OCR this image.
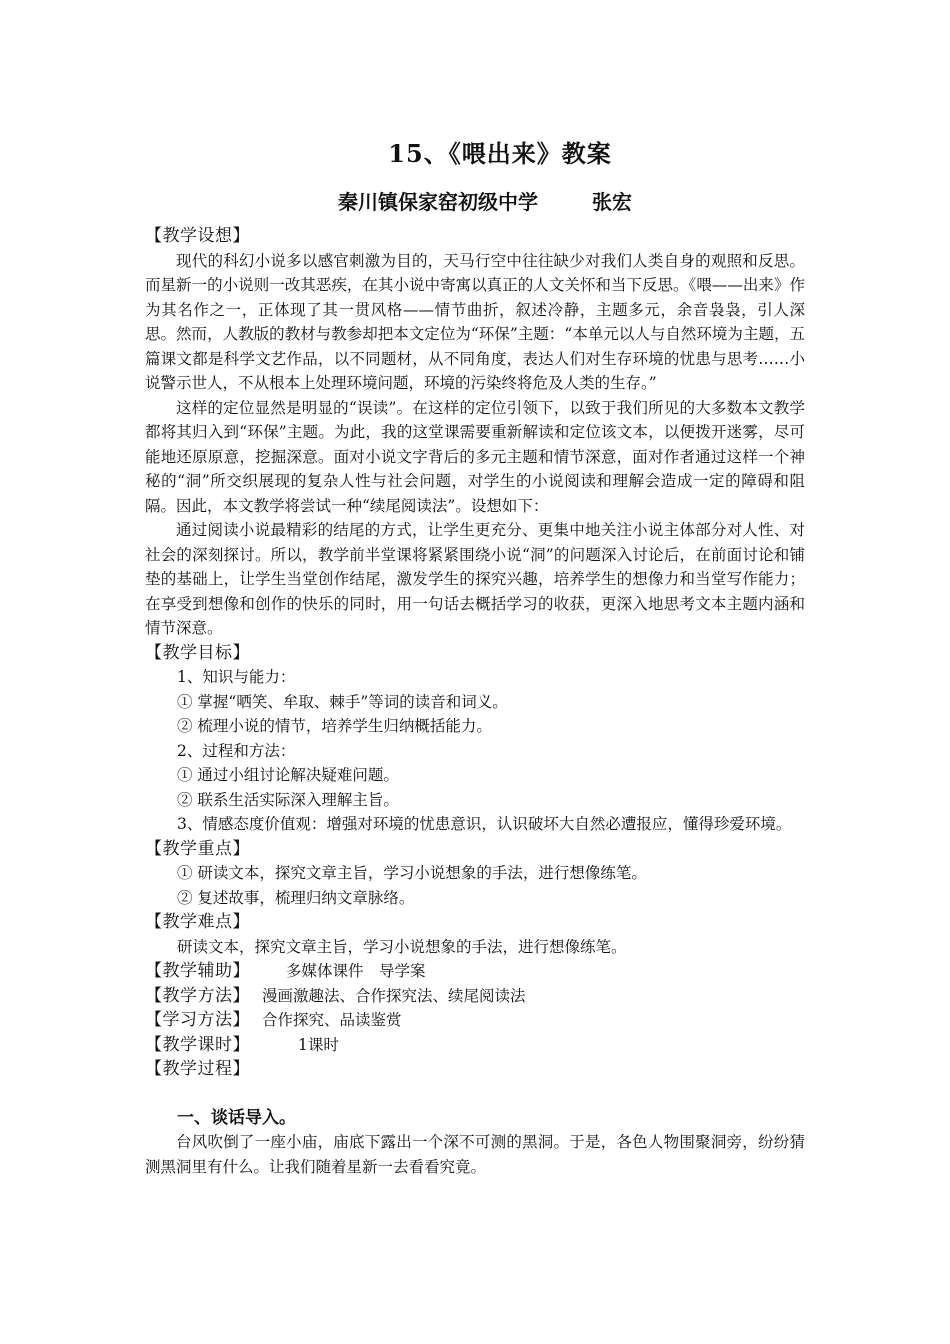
15、《喂出来》教案
秦川镇保家窑初级中学	张宏

【教学设想】

现代的科幻小说多以感官刺激为目的，天马行空中往往缺少对我们人类自身的观照和反思。而星新一的小说则一改其恶疾，在其小说中寄寓以真正的人文关怀和当下反思。《喂——出来》作为其名作之一，正体现了其一贯风格——情节曲折，叙述冷静，主题多元，余音袅袅，引人深思。然而，人教版的教材与教参却把本文定位为“环保”主题：“本单元以人与自然环境为主题，五篇课文都是科学文艺作品，以不同题材，从不同角度，表达人们对生存环境的忧患与思考……小说警示世人，不从根本上处理环境问题，环境的污染终将危及人类的生存。”

这样的定位显然是明显的“误读”。在这样的定位引领下，以致于我们所见的大多数本文教学都将其归入到“环保”主题。为此，我的这堂课需要重新解读和定位该文本，以便拨开迷雾，尽可能地还原原意，挖掘深意。面对小说文字背后的多元主题和情节深意，面对作者通过这样一个神秘的“洞”所交织展现的复杂人性与社会问题，对学生的小说阅读和理解会造成一定的障碍和阻隔。因此，本文教学将尝试一种“续尾阅读法”。设想如下：

通过阅读小说最精彩的结尾的方式，让学生更充分、更集中地关注小说主体部分对人性、对社会的深刻探讨。所以，教学前半堂课将紧紧围绕小说“洞”的问题深入讨论后，在前面讨论和铺垫的基础上，让学生当堂创作结尾，激发学生的探究兴趣，培养学生的想像力和当堂写作能力；在享受到想像和创作的快乐的同时，用一句话去概括学习的收获，更深入地思考文本主题内涵和情节深意。

【教学目标】

1、知识与能力：

① 掌握“哂笑、牟取、棘手”等词的读音和词义。

② 梳理小说的情节，培养学生归纳概括能力。

2、过程和方法：

① 通过小组讨论解决疑难问题。

② 联系生活实际深入理解主旨。

3、情感态度价值观：增强对环境的忧患意识，认识破坏大自然必遭报应，懂得珍爱环境。

【教学重点】

① 研读文本，探究文章主旨，学习小说想象的手法，进行想像练笔。

② 复述故事，梳理归纳文章脉络。

【教学难点】

研读文本，探究文章主旨，学习小说想象的手法，进行想像练笔。

【教学辅助】 多媒体课件　导学案

【教学方法】 漫画激趣法、合作探究法、续尾阅读法

【学习方法】 合作探究、品读鉴赏

【教学课时】	1课时

【教学过程】

一、谈话导入。

台风吹倒了一座小庙，庙底下露出一个深不可测的黑洞。于是，各色人物围聚洞旁，纷纷猜测黑洞里有什么。让我们随着星新一去看看究竟。
